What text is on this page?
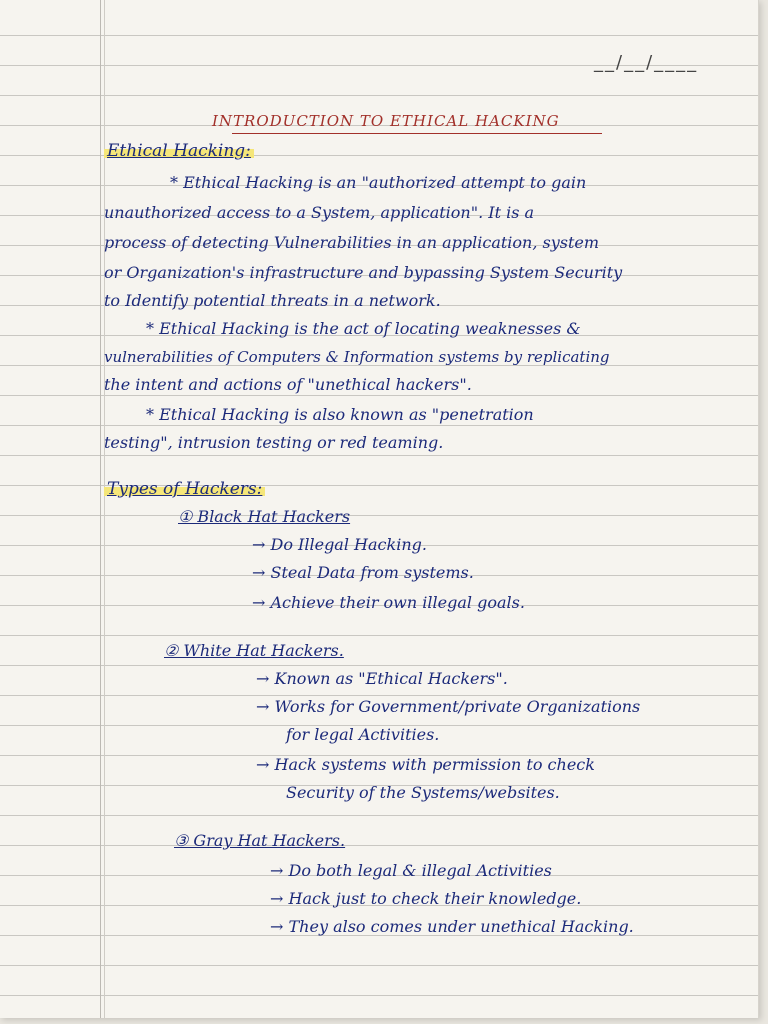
__/__/____
INTRODUCTION TO ETHICAL HACKING
Ethical Hacking:
* Ethical Hacking is an "authorized attempt to gain
unauthorized access to a System, application". It is a
process of detecting Vulnerabilities in an application, system
or Organization's infrastructure and bypassing System Security
to Identify potential threats in a network.
* Ethical Hacking is the act of locating weaknesses &
vulnerabilities of Computers & Information systems by replicating
the intent and actions of "unethical hackers".
* Ethical Hacking is also known as "penetration
testing", intrusion testing or red teaming.
Types of Hackers:
① Black Hat Hackers
→ Do Illegal Hacking.
→ Steal Data from systems.
→ Achieve their own illegal goals.
② White Hat Hackers.
→ Known as "Ethical Hackers".
→ Works for Government/private Organizations
for legal Activities.
→ Hack systems with permission to check
Security of the Systems/websites.
③ Gray Hat Hackers.
→ Do both legal & illegal Activities
→ Hack just to check their knowledge.
→ They also comes under unethical Hacking.
